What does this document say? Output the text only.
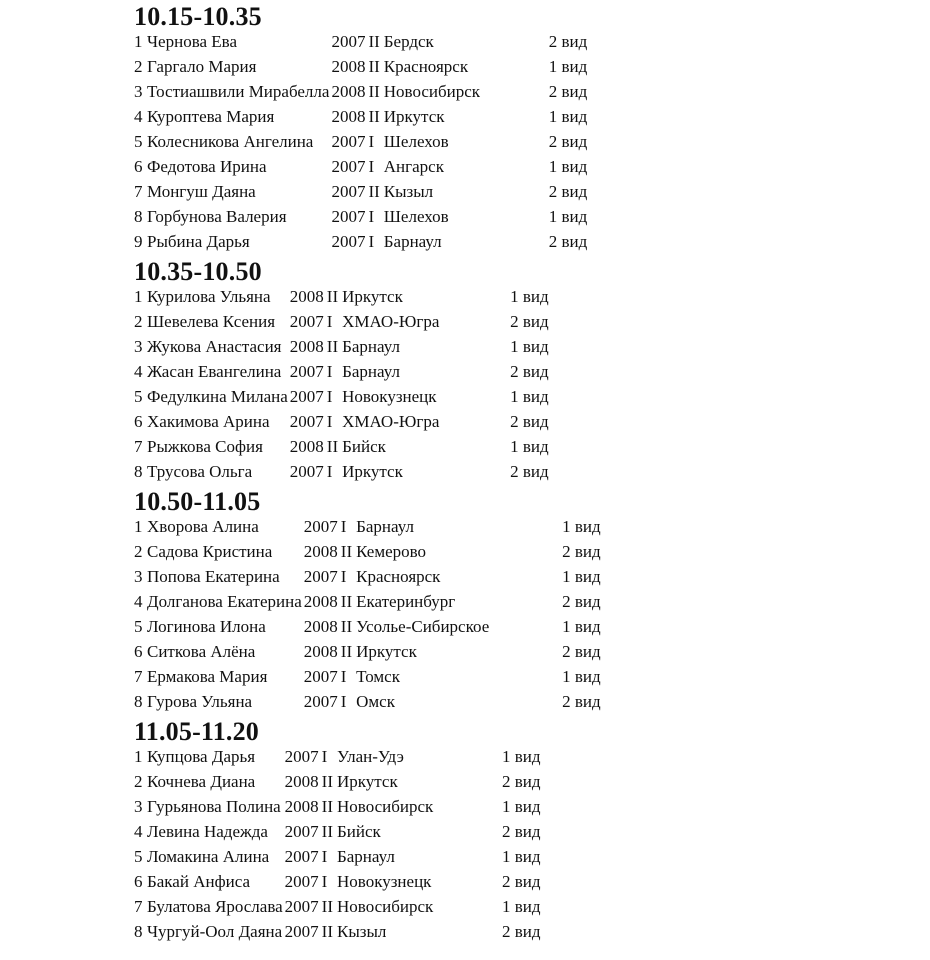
10.15-10.35
1	Чернова Ева	2007	II	Бердск	2 вид
2	Гаргало Мария	2008	II	Красноярск	1 вид
3	Тостиашвили Мирабелла	2008	II	Новосибирск	2 вид
4	Куроптева Мария	2008	II	Иркутск	1 вид
5	Колесникова Ангелина	2007	I	Шелехов	2 вид
6	Федотова Ирина	2007	I	Ангарск	1 вид
7	Монгуш Даяна	2007	II	Кызыл	2 вид
8	Горбунова Валерия	2007	I	Шелехов	1 вид
9	Рыбина Дарья	2007	I	Барнаул	2 вид
10.35-10.50
1	Курилова Ульяна	2008	II	Иркутск	1 вид
2	Шевелева Ксения	2007	I	ХМАО-Югра	2 вид
3	Жукова Анастасия	2008	II	Барнаул	1 вид
4	Жасан Евангелина	2007	I	Барнаул	2 вид
5	Федулкина Милана	2007	I	Новокузнецк	1 вид
6	Хакимова Арина	2007	I	ХМАО-Югра	2 вид
7	Рыжкова София	2008	II	Бийск	1 вид
8	Трусова Ольга	2007	I	Иркутск	2 вид
10.50-11.05
1	Хворова Алина	2007	I	Барнаул	1 вид
2	Садова Кристина	2008	II	Кемерово	2 вид
3	Попова Екатерина	2007	I	Красноярск	1 вид
4	Долганова Екатерина	2008	II	Екатеринбург	2 вид
5	Логинова Илона	2008	II	Усолье-Сибирское	1 вид
6	Ситкова Алёна	2008	II	Иркутск	2 вид
7	Ермакова Мария	2007	I	Томск	1 вид
8	Гурова Ульяна	2007	I	Омск	2 вид
11.05-11.20
1	Купцова Дарья	2007	I	Улан-Удэ	1 вид
2	Кочнева Диана	2008	II	Иркутск	2 вид
3	Гурьянова Полина	2008	II	Новосибирск	1 вид
4	Левина Надежда	2007	II	Бийск	2 вид
5	Ломакина Алина	2007	I	Барнаул	1 вид
6	Бакай Анфиса	2007	I	Новокузнецк	2 вид
7	Булатова Ярослава	2007	II	Новосибирск	1 вид
8	Чургуй-Оол Даяна	2007	II	Кызыл	2 вид
